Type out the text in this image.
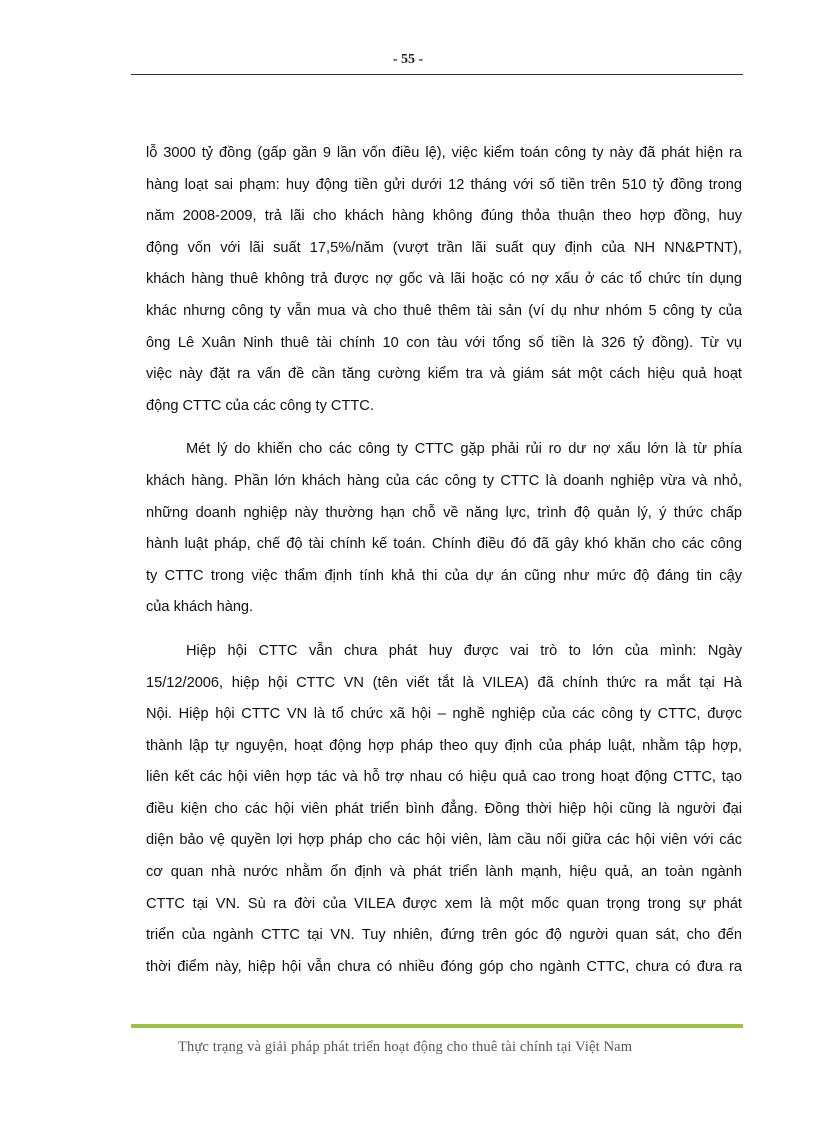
- 55 -
lỗ 3000 tỷ đồng (gấp gần 9 lần vốn điều lệ), việc kiểm toán công ty này đã phát hiện ra
hàng loạt sai phạm: huy động tiền gửi dưới 12 tháng với số tiền trên 510 tỷ đồng trong
năm 2008-2009, trả lãi cho khách hàng không đúng thỏa thuận theo hợp đồng, huy
động vốn với lãi suất 17,5%/năm (vượt trần lãi suất quy định của NH NN&PTNT),
khách hàng thuê không trả được nợ gốc và lãi hoặc có nợ xấu ở các tổ chức tín dụng
khác nhưng công ty vẫn mua và cho thuê thêm tài sản (ví dụ như nhóm 5 công ty của
ông Lê Xuân Ninh thuê tài chính 10 con tàu với tổng số tiền là 326 tỷ đồng). Từ vụ
việc này đặt ra vấn đề cần tăng cường kiểm tra và giám sát một cách hiệu quả hoạt
động CTTC của các công ty CTTC.
Mét lý do khiến cho các công ty CTTC gặp phải rủi ro dư nợ xấu lớn là từ phía
khách hàng. Phần lớn khách hàng của các công ty CTTC là doanh nghiệp vừa và nhỏ,
những doanh nghiệp này thường hạn chỗ về năng lực, trình độ quản lý, ý thức chấp
hành luật pháp, chế độ tài chính kế toán. Chính điều đó đã gây khó khăn cho các công
ty CTTC trong việc thẩm định tính khả thi của dự án cũng như mức độ đáng tin cậy
của khách hàng.
Hiệp hội CTTC vẫn chưa phát huy được vai trò to lớn của mình: Ngày
15/12/2006, hiệp hội CTTC VN (tên viết tắt là VILEA) đã chính thức ra mắt tại Hà
Nội. Hiệp hội CTTC VN là tổ chức xã hội – nghề nghiệp của các công ty CTTC, được
thành lập tự nguyện, hoạt động hợp pháp theo quy định của pháp luật, nhằm tập hợp,
liên kết các hội viên hợp tác và hỗ trợ nhau có hiệu quả cao trong hoạt động CTTC, tạo
điều kiện cho các hội viên phát triển bình đẳng. Đồng thời hiệp hội cũng là người đại
diện bảo vệ quyền lợi hợp pháp cho các hội viên, làm cầu nối giữa các hội viên với các
cơ quan nhà nước nhằm ổn định và phát triển lành mạnh, hiệu quả, an toàn ngành
CTTC tại VN. Sù ra đời của VILEA được xem là một mốc quan trọng trong sự phát
triển của ngành CTTC tại VN. Tuy nhiên, đứng trên góc độ người quan sát, cho đến
thời điểm này, hiệp hội vẫn chưa có nhiều đóng góp cho ngành CTTC, chưa có đưa ra
Thực trạng và giải pháp phát triển hoạt động cho thuê tài chính tại Việt Nam
